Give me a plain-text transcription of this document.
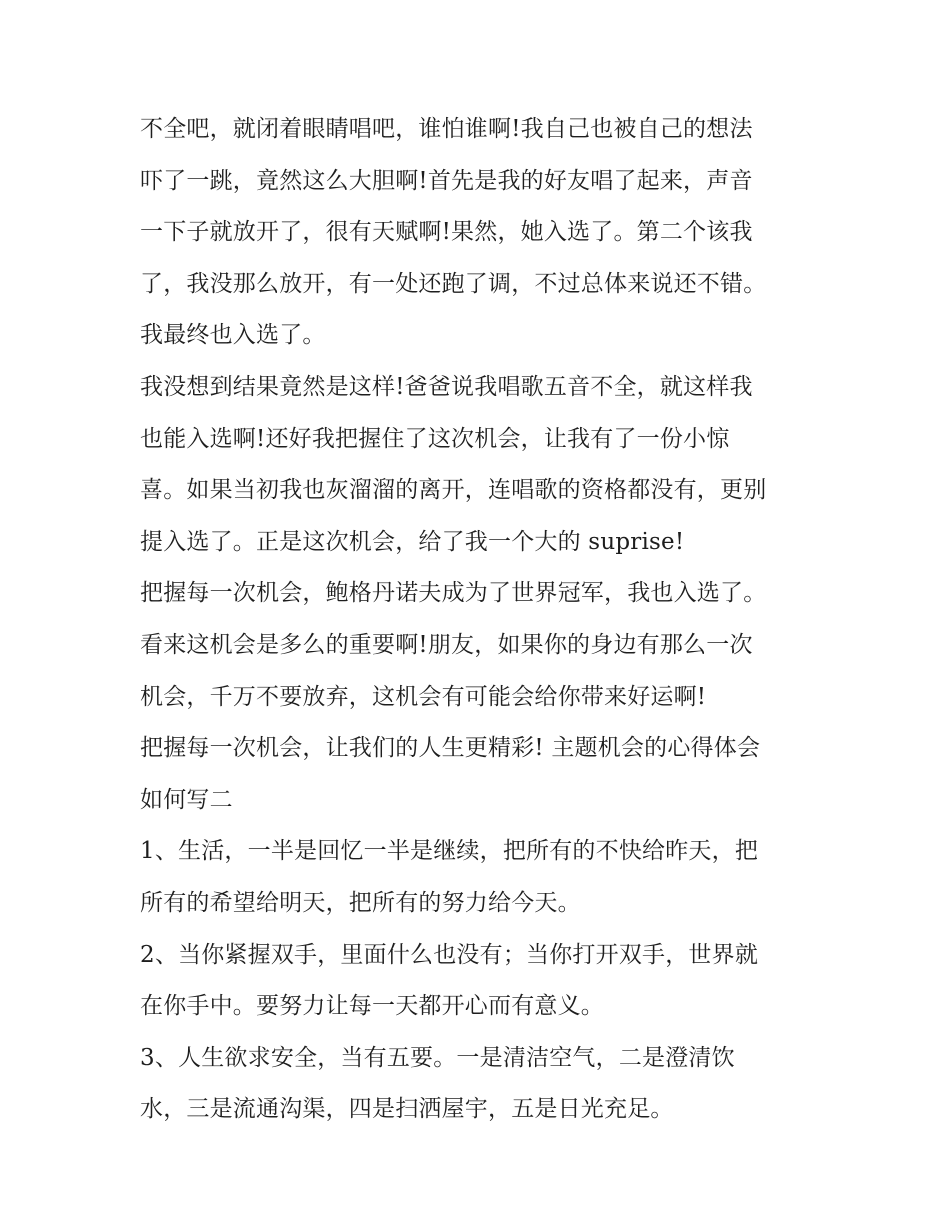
不全吧，就闭着眼睛唱吧，谁怕谁啊!我自己也被自己的想法
吓了一跳，竟然这么大胆啊!首先是我的好友唱了起来，声音
一下子就放开了，很有天赋啊!果然，她入选了。第二个该我
了，我没那么放开，有一处还跑了调，不过总体来说还不错。
我最终也入选了。
我没想到结果竟然是这样!爸爸说我唱歌五音不全，就这样我
也能入选啊!还好我把握住了这次机会，让我有了一份小惊
喜。如果当初我也灰溜溜的离开，连唱歌的资格都没有，更别
提入选了。正是这次机会，给了我一个大的 suprise!
把握每一次机会，鲍格丹诺夫成为了世界冠军，我也入选了。
看来这机会是多么的重要啊!朋友，如果你的身边有那么一次
机会，千万不要放弃，这机会有可能会给你带来好运啊!
把握每一次机会，让我们的人生更精彩! 主题机会的心得体会
如何写二
1、生活，一半是回忆一半是继续，把所有的不快给昨天，把
所有的希望给明天，把所有的努力给今天。
2、当你紧握双手，里面什么也没有；当你打开双手，世界就
在你手中。要努力让每一天都开心而有意义。
3、人生欲求安全，当有五要。一是清洁空气，二是澄清饮
水，三是流通沟渠，四是扫洒屋宇，五是日光充足。
